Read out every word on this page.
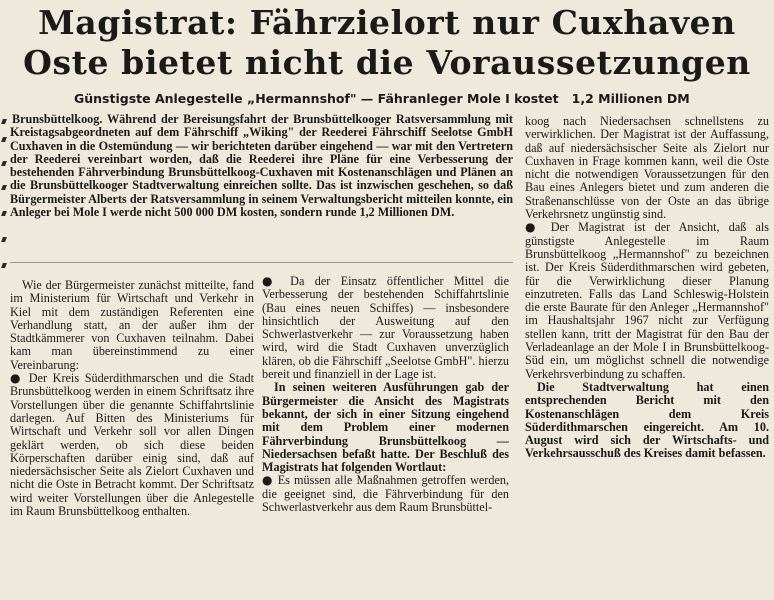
Magistrat: Fährzielort nur Cuxhaven
Oste bietet nicht die Voraussetzungen
Günstigste Anlegestelle „Hermannshof" — Fähranleger Mole I kostet   1,2 Millionen DM

Brunsbüttelkoog. Während der Bereisungsfahrt der Brunsbüttelkooger Ratsversammlung mit Kreistagsabgeordneten auf dem Fährschiff „Wiking" der Reederei Fährschiff Seelotse GmbH Cuxhaven in die Ostemündung — wir berichteten darüber eingehend — war mit den Vertretern der Reederei vereinbart worden, daß die Reederei ihre Pläne für eine Verbesserung der bestehenden Fährverbindung Brunsbüttelkoog-Cuxhaven mit Kostenanschlägen und Plänen an die Brunsbüttelkooger Stadtverwaltung einreichen sollte. Das ist inzwischen geschehen, so daß Bürgermeister Alberts der Ratsversammlung in seinem Verwaltungsbericht mitteilen konnte, ein Anleger bei Mole I werde nicht 500 000 DM kosten, sondern runde 1,2 Millionen DM.

Wie der Bürgermeister zunächst mitteilte, fand im Ministerium für Wirtschaft und Verkehr in Kiel mit dem zuständigen Referenten eine Verhandlung statt, an der außer ihm der Stadtkämmerer von Cuxhaven teilnahm. Dabei kam man übereinstimmend zu einer Vereinbarung:

● Der Kreis Süderdithmarschen und die Stadt Brunsbüttelkoog werden in einem Schriftsatz ihre Vorstellungen über die genannte Schiffahrtslinie darlegen. Auf Bitten des Ministeriums für Wirtschaft und Verkehr soll vor allen Dingen geklärt werden, ob sich diese beiden Körperschaften darüber einig sind, daß auf niedersächsischer Seite als Zielort Cuxhaven und nicht die Oste in Betracht kommt. Der Schriftsatz wird weiter Vorstellungen über die Anlegestelle im Raum Brunsbüttelkoog enthalten.

● Da der Einsatz öffentlicher Mittel die Verbesserung der bestehenden Schiffahrtslinie (Bau eines neuen Schiffes) — insbesondere hinsichtlich der Ausweitung auf den Schwerlastverkehr — zur Voraussetzung haben wird, wird die Stadt Cuxhaven unverzüglich klären, ob die Fährschiff „Seelotse GmbH". hierzu bereit und finanziell in der Lage ist.

In seinen weiteren Ausführungen gab der Bürgermeister die Ansicht des Magistrats bekannt, der sich in einer Sitzung eingehend mit dem Problem einer modernen Fährverbindung Brunsbüttelkoog — Niedersachsen befaßt hatte. Der Beschluß des Magistrats hat folgenden Wortlaut:

● Es müssen alle Maßnahmen getroffen werden, die geeignet sind, die Fährverbindung für den Schwerlastverkehr aus dem Raum Brunsbüttel-

koog nach Niedersachsen schnellstens zu verwirklichen. Der Magistrat ist der Auffassung, daß auf niedersächsischer Seite als Zielort nur Cuxhaven in Frage kommen kann, weil die Oste nicht die notwendigen Voraussetzungen für den Bau eines Anlegers bietet und zum anderen die Straßenanschlüsse von der Oste an das übrige Verkehrsnetz ungünstig sind.

● Der Magistrat ist der Ansicht, daß als günstigste Anlegestelle im Raum Brunsbüttelkoog „Hermannshof" zu bezeichnen ist. Der Kreis Süderdithmarschen wird gebeten, für die Verwirklichung dieser Planung einzutreten. Falls das Land Schleswig-Holstein die erste Baurate für den Anleger „Hermannshof" im Haushaltsjahr 1967 nicht zur Verfügung stellen kann, tritt der Magistrat für den Bau der Verladeanlage an der Mole I in Brunsbüttelkoog-Süd ein, um möglichst schnell die notwendige Verkehrsverbindung zu schaffen.

Die Stadtverwaltung hat einen entsprechenden Bericht mit den Kostenanschlägen dem Kreis Süderdithmarschen eingereicht. Am 10. August wird sich der Wirtschafts- und Verkehrsausschuß des Kreises damit befassen.
